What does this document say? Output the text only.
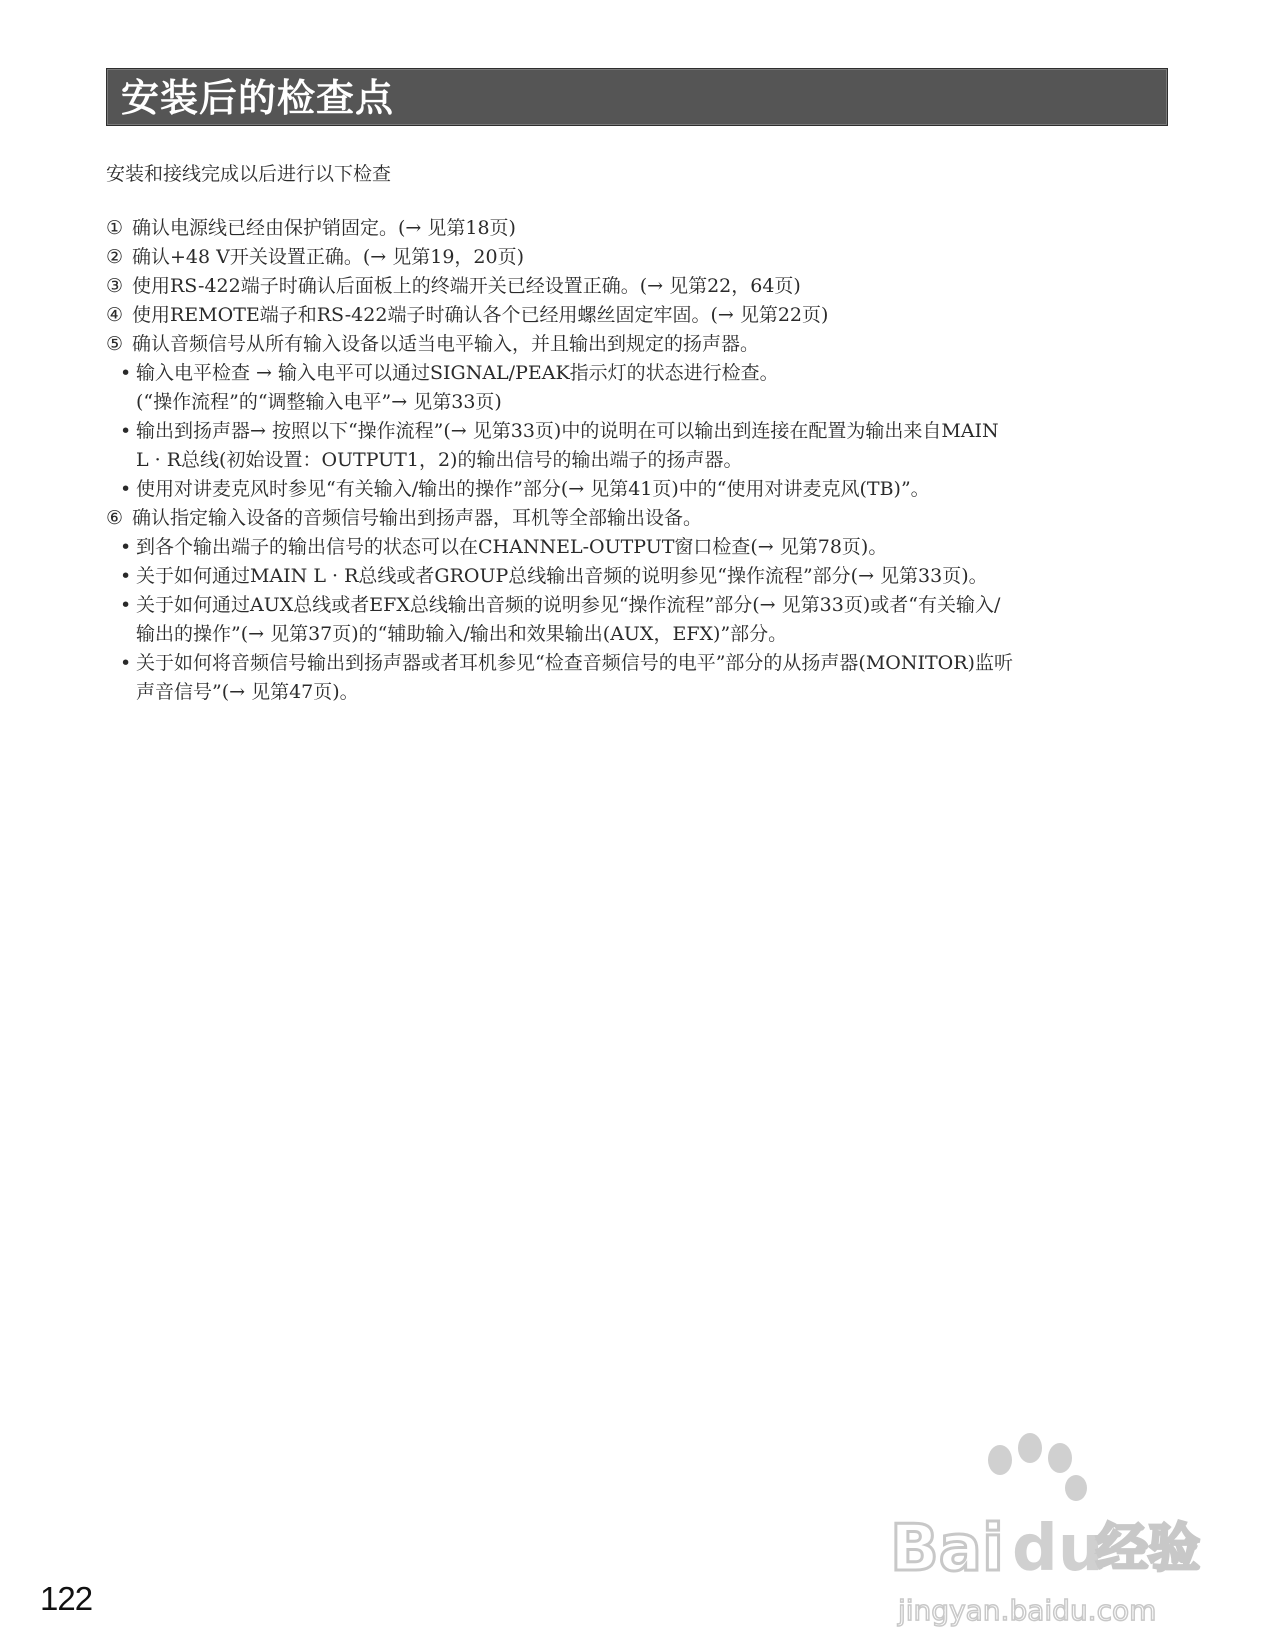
安装后的检查点

安装和接线完成以后进行以下检查

① 确认电源线已经由保护销固定。(→ 见第18页)
② 确认+48 V开关设置正确。(→ 见第19，20页)
③ 使用RS-422端子时确认后面板上的终端开关已经设置正确。(→ 见第22，64页)
④ 使用REMOTE端子和RS-422端子时确认各个已经用螺丝固定牢固。(→ 见第22页)
⑤ 确认音频信号从所有输入设备以适当电平输入，并且输出到规定的扬声器。
• 输入电平检查 → 输入电平可以通过SIGNAL/PEAK指示灯的状态进行检查。
(“操作流程”的“调整输入电平”→ 见第33页)
• 输出到扬声器→ 按照以下“操作流程”(→ 见第33页)中的说明在可以输出到连接在配置为输出来自MAIN
L · R总线(初始设置：OUTPUT1，2)的输出信号的输出端子的扬声器。
• 使用对讲麦克风时参见“有关输入/输出的操作”部分(→ 见第41页)中的“使用对讲麦克风(TB)”。
⑥ 确认指定输入设备的音频信号输出到扬声器，耳机等全部输出设备。
• 到各个输出端子的输出信号的状态可以在CHANNEL-OUTPUT窗口检查(→ 见第78页)。
• 关于如何通过MAIN L · R总线或者GROUP总线输出音频的说明参见“操作流程”部分(→ 见第33页)。
• 关于如何通过AUX总线或者EFX总线输出音频的说明参见“操作流程”部分(→ 见第33页)或者“有关输入/
输出的操作”(→ 见第37页)的“辅助输入/输出和效果输出(AUX，EFX)”部分。
• 关于如何将音频信号输出到扬声器或者耳机参见“检查音频信号的电平”部分的从扬声器(MONITOR)监听
声音信号”(→ 见第47页)。
122
Bai du
经验
jingyan.baidu.com
